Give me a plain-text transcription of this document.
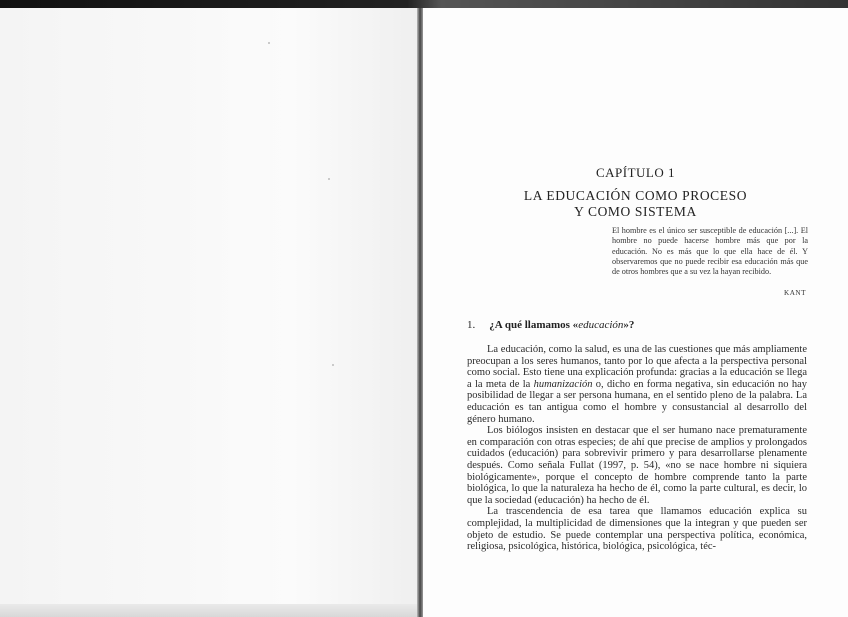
CAPÍTULO 1
LA EDUCACIÓN COMO PROCESO
Y COMO SISTEMA

El hombre es el único ser susceptible de educación [...]. El hombre no puede hacerse hombre más que por la educación. No es más que lo que ella hace de él. Y observaremos que no puede recibir esa educación más que de otros hombres que a su vez la hayan recibido.

KANT

1. ¿A qué llamamos «educación»?

La educación, como la salud, es una de las cuestiones que más ampliamente preocupan a los seres humanos, tanto por lo que afecta a la perspectiva personal como social. Esto tiene una explicación profunda: gracias a la educación se llega a la meta de la humanización o, dicho en forma negativa, sin educación no hay posibilidad de llegar a ser persona humana, en el sentido pleno de la palabra. La educación es tan antigua como el hombre y consustancial al desarrollo del género humano.

Los biólogos insisten en destacar que el ser humano nace prematuramente en comparación con otras especies; de ahí que precise de amplios y prolongados cuidados (educación) para sobrevivir primero y para desarrollarse plenamente después. Como señala Fullat (1997, p. 54), «no se nace hombre ni siquiera biológicamente», porque el concepto de hombre comprende tanto la parte biológica, lo que la naturaleza ha hecho de él, como la parte cultural, es decir, lo que la sociedad (educación) ha hecho de él.

La trascendencia de esa tarea que llamamos educación explica su complejidad, la multiplicidad de dimensiones que la integran y que pueden ser objeto de estudio. Se puede contemplar una perspectiva política, económica, religiosa, psicológica, histórica, biológica, psicológica, téc-
